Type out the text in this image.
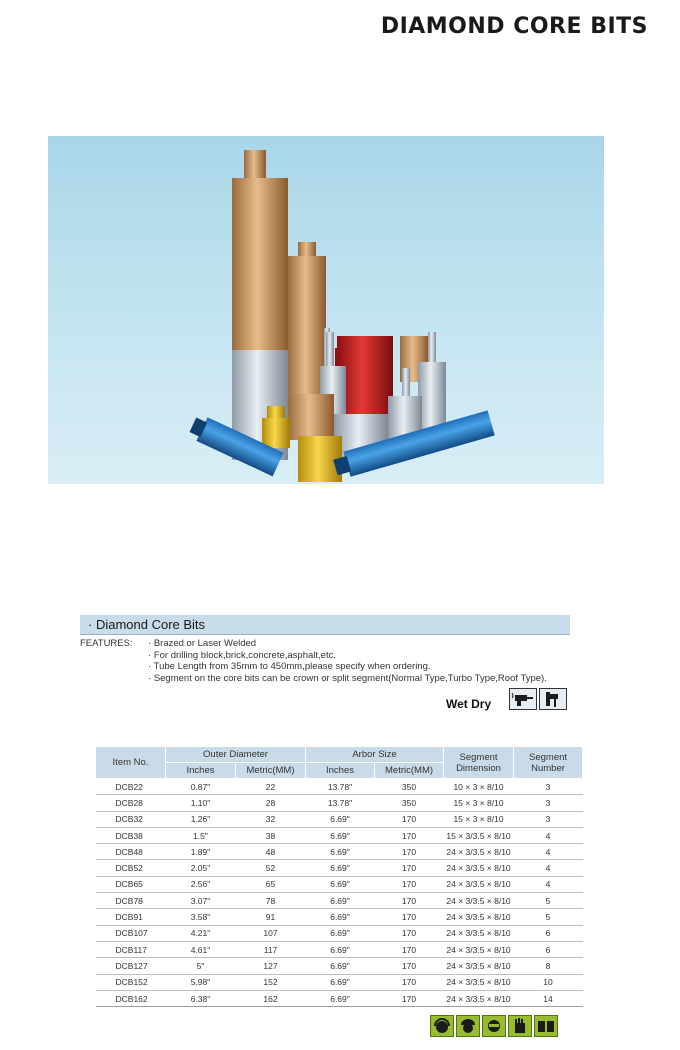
DIAMOND CORE BITS
· Diamond Core Bits
FEATURES:	· Brazed or Laser Welded
· For drilling block,brick,concrete,asphalt,etc.
· Tube Length from 35mm to 450mm,please specify when ordering.
· Segment on the core bits can be crown or split segment(Normal Type,Turbo Type,Roof Type).
Wet Dry
Item No.	Outer Diameter		Arbor Size		Segment Dimension	Segment Number
	Inches	Metric(MM)	Inches	Metric(MM)		
DCB22	0.87"	22	13.78"	350	10 × 3 × 8/10	3
DCB28	1.10"	28	13.78"	350	15 × 3 × 8/10	3
DCB32	1.26"	32	6.69"	170	15 × 3 × 8/10	3
DCB38	1.5"	38	6.69"	170	15 × 3/3.5 × 8/10	4
DCB48	1.89"	48	6.69"	170	24 × 3/3.5 × 8/10	4
DCB52	2.05"	52	6.69"	170	24 × 3/3.5 × 8/10	4
DCB65	2.56"	65	6.69"	170	24 × 3/3.5 × 8/10	4
DCB78	3.07"	78	6.69"	170	24 × 3/3.5 × 8/10	5
DCB91	3.58"	91	6.69"	170	24 × 3/3.5 × 8/10	5
DCB107	4.21"	107	6.69"	170	24 × 3/3.5 × 8/10	6
DCB117	4.61"	117	6.69"	170	24 × 3/3.5 × 8/10	6
DCB127	5"	127	6.69"	170	24 × 3/3.5 × 8/10	8
DCB152	5.98"	152	6.69"	170	24 × 3/3.5 × 8/10	10
DCB162	6.38"	162	6.69"	170	24 × 3/3.5 × 8/10	14
